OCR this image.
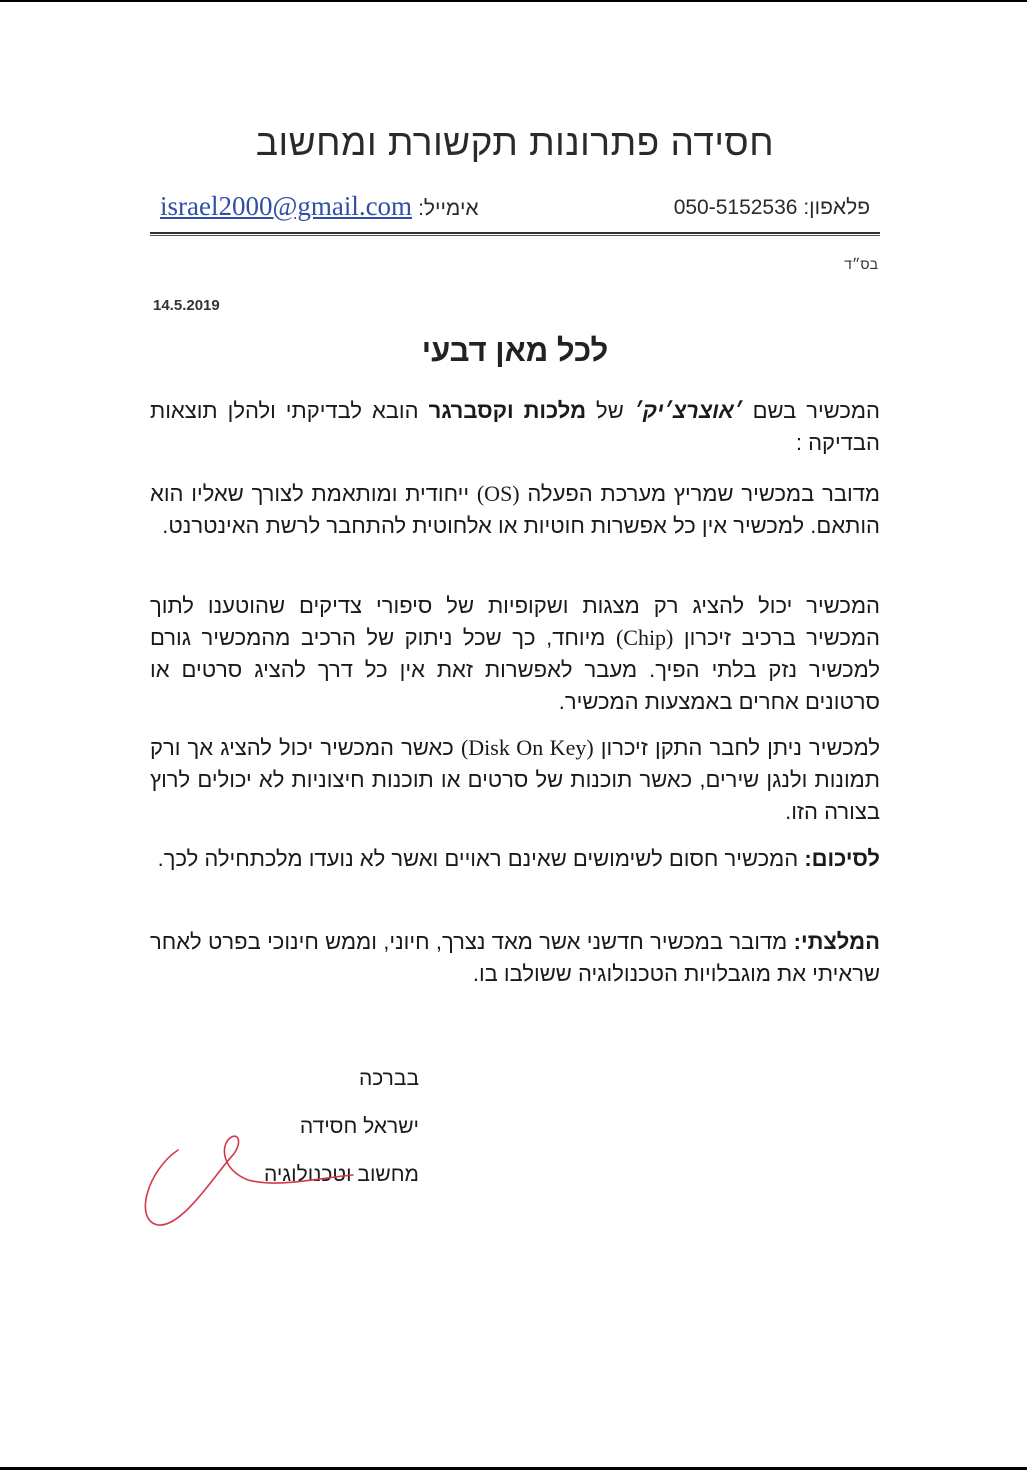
חסידה פתרונות תקשורת ומחשוב
פלאפון: 050-5152536
אימייל:
israel2000@gmail.com
בס״ד
14.5.2019
לכל מאן דבעי
המכשיר בשם ׳אוצרצ׳יק׳ של מלכות וקסברגר הובא לבדיקתי ולהלן תוצאות הבדיקה :
מדובר במכשיר שמריץ מערכת הפעלה (OS) ייחודית ומותאמת לצורך שאליו הוא הותאם. למכשיר אין כל אפשרות חוטיות או אלחוטית להתחבר לרשת האינטרנט.
המכשיר יכול להציג רק מצגות ושקופיות של סיפורי צדיקים שהוטענו לתוך המכשיר ברכיב זיכרון (Chip) מיוחד, כך שכל ניתוק של הרכיב מהמכשיר גורם למכשיר נזק בלתי הפיך. מעבר לאפשרות זאת אין כל דרך להציג סרטים או סרטונים אחרים באמצעות המכשיר.
למכשיר ניתן לחבר התקן זיכרון (Disk On Key) כאשר המכשיר יכול להציג אך ורק תמונות ולנגן שירים, כאשר תוכנות של סרטים או תוכנות חיצוניות לא יכולים לרוץ בצורה הזו.
לסיכום: המכשיר חסום לשימושים שאינם ראויים ואשר לא נועדו מלכתחילה לכך.
המלצתי: מדובר במכשיר חדשני אשר מאד נצרך, חיוני, וממש חינוכי בפרט לאחר שראיתי את מוגבלויות הטכנולוגיה ששולבו בו.
בברכה
ישראל חסידה
מחשוב וטכנולוגיה
